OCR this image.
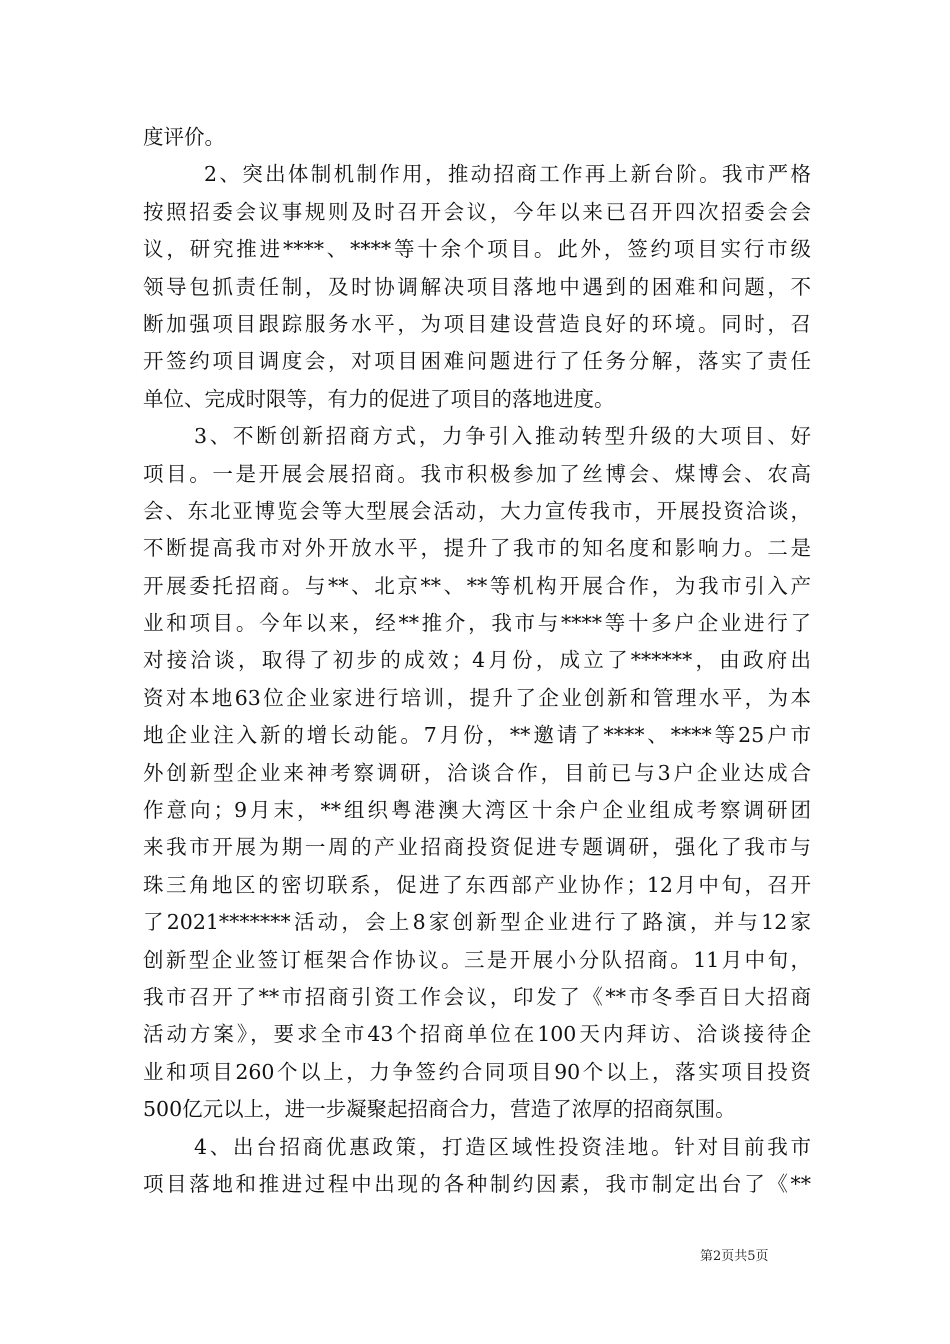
度评价。
2、突出体制机制作用，推动招商工作再上新台阶。我市严格
按照招委会议事规则及时召开会议，今年以来已召开四次招委会会
议，研究推进****、****等十余个项目。此外，签约项目实行市级
领导包抓责任制，及时协调解决项目落地中遇到的困难和问题，不
断加强项目跟踪服务水平，为项目建设营造良好的环境。同时，召
开签约项目调度会，对项目困难问题进行了任务分解，落实了责任
单位、完成时限等，有力的促进了项目的落地进度。
3、不断创新招商方式，力争引入推动转型升级的大项目、好
项目。一是开展会展招商。我市积极参加了丝博会、煤博会、农高
会、东北亚博览会等大型展会活动，大力宣传我市，开展投资洽谈，
不断提高我市对外开放水平，提升了我市的知名度和影响力。二是
开展委托招商。与**、北京**、**等机构开展合作，为我市引入产
业和项目。今年以来，经**推介，我市与****等十多户企业进行了
对接洽谈，取得了初步的成效；4月份，成立了******，由政府出
资对本地63位企业家进行培训，提升了企业创新和管理水平，为本
地企业注入新的增长动能。7月份，**邀请了****、****等25户市
外创新型企业来神考察调研，洽谈合作，目前已与3户企业达成合
作意向；9月末，**组织粤港澳大湾区十余户企业组成考察调研团
来我市开展为期一周的产业招商投资促进专题调研，强化了我市与
珠三角地区的密切联系，促进了东西部产业协作；12月中旬，召开
了2021*******活动，会上8家创新型企业进行了路演，并与12家
创新型企业签订框架合作协议。三是开展小分队招商。11月中旬，
我市召开了**市招商引资工作会议，印发了《**市冬季百日大招商
活动方案》，要求全市43个招商单位在100天内拜访、洽谈接待企
业和项目260个以上，力争签约合同项目90个以上，落实项目投资
500亿元以上，进一步凝聚起招商合力，营造了浓厚的招商氛围。
4、出台招商优惠政策，打造区域性投资洼地。针对目前我市
项目落地和推进过程中出现的各种制约因素，我市制定出台了《**
第2页共5页
